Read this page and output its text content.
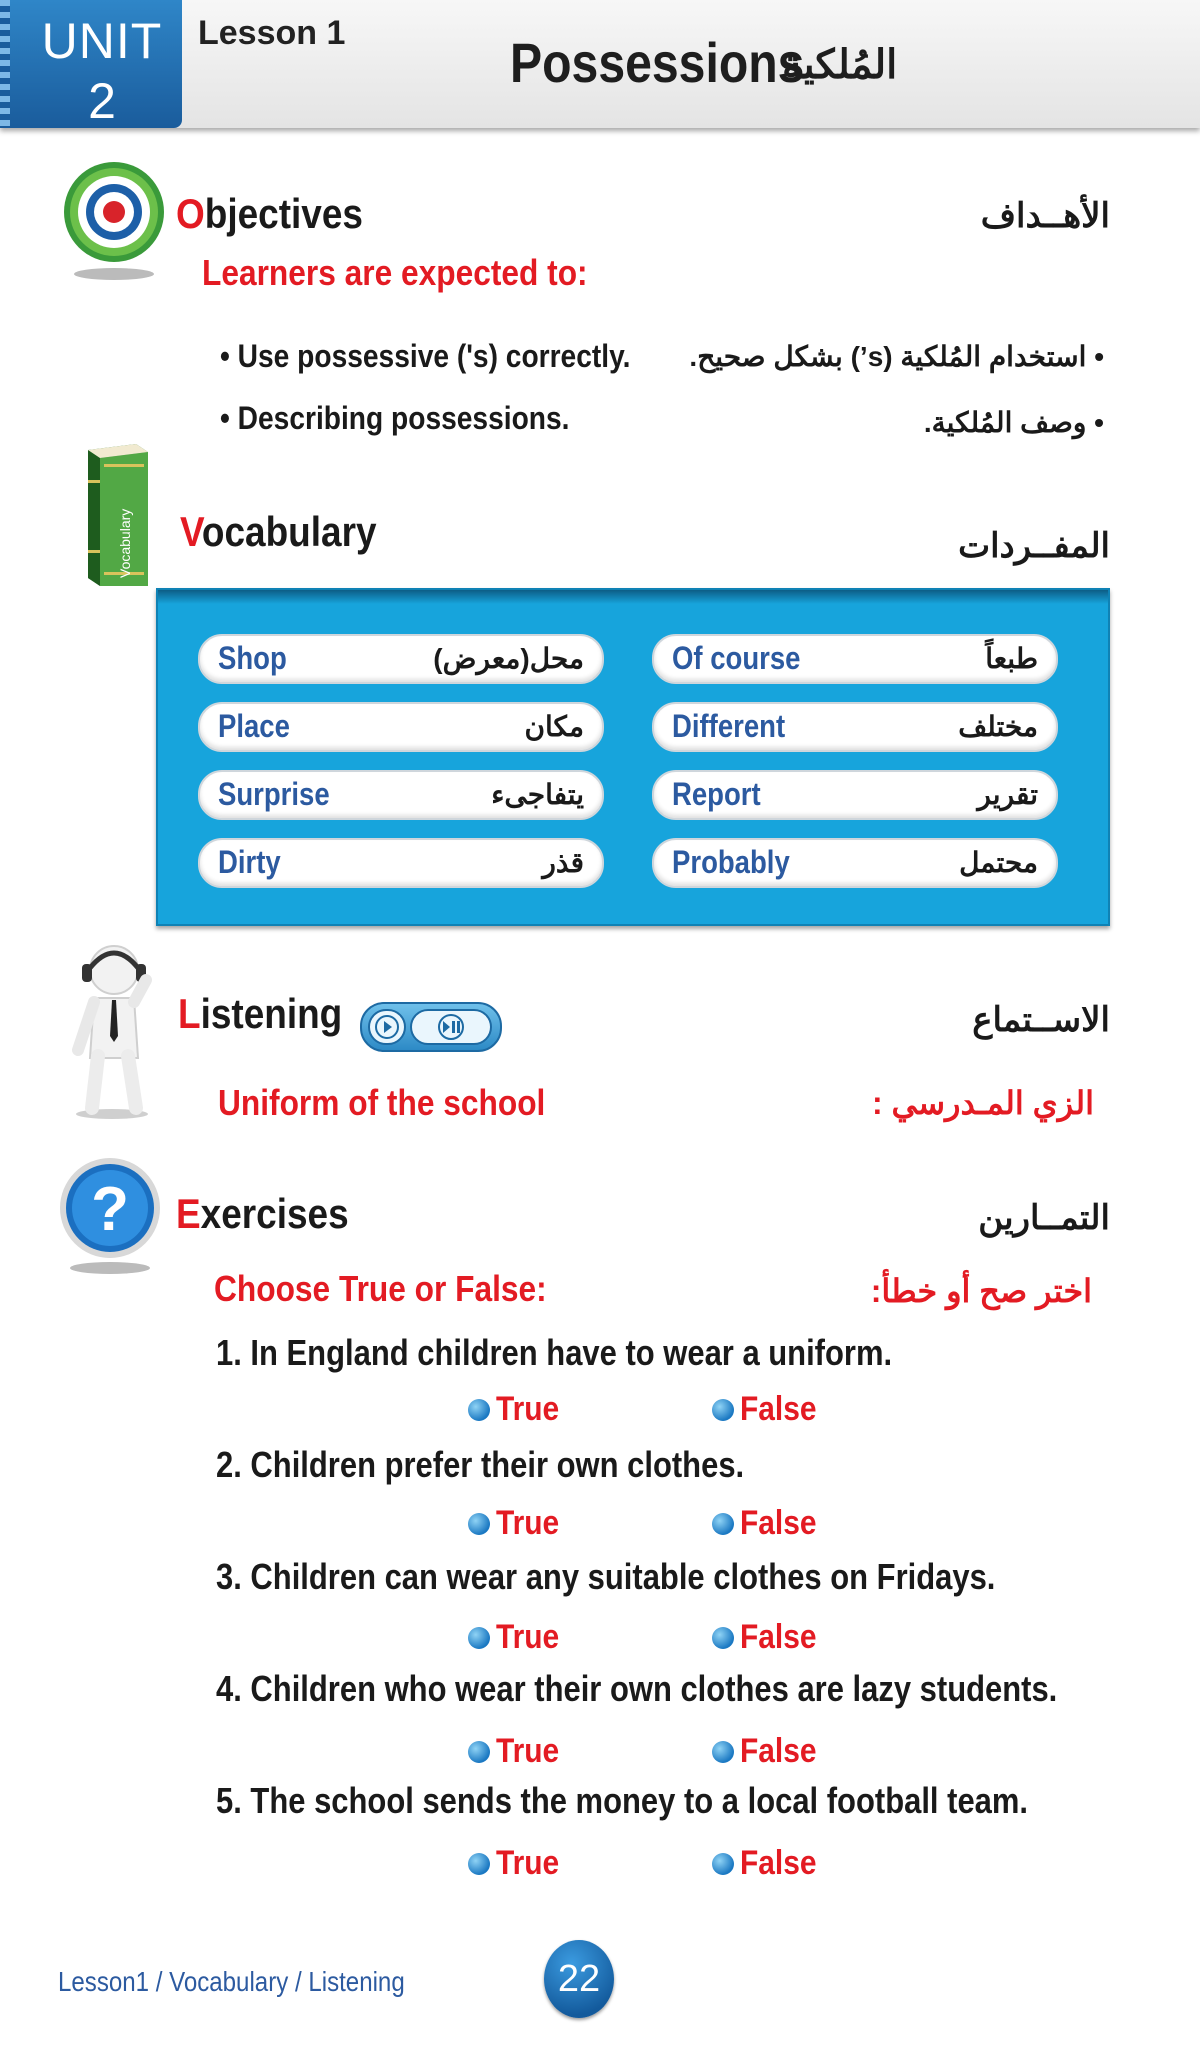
UNIT
2
Lesson 1	Possessions
المُلكية
Objectives	الأهــداف
Learners are expected to:
• Use possessive ('s) correctly. • استخدام المُلكية (s’) بشكل صحيح.
• Describing possessions.	• وصف المُلكية.
Vocabulary Vocabulary	المفــردات
Shop	محل(معرض)
Place	مكان
Surprise	يتفاجىء
Dirty	قذر
Of course	طبعاً
Different	مختلف
Report	تقرير
Probably	محتمل
Listening	الاســتماع
Uniform of the school	الزي المـدرسي :
? Exercises	التمــارين
Choose True or False:	اختر صح أو خطأ:
1. In England children have to wear a uniform.
True	False
2. Children prefer their own clothes.
True	False
3. Children can wear any suitable clothes on Fridays.
True	False
4. Children who wear their own clothes are lazy students.
True	False
5. The school sends the money to a local football team.
True	False
Lesson1 / Vocabulary / Listening	22
